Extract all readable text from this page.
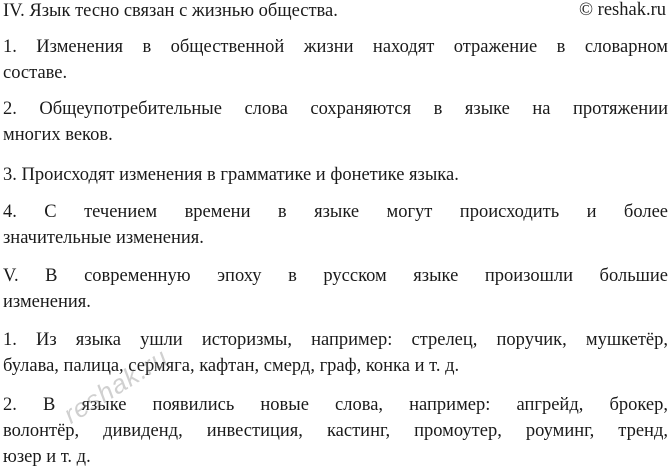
IV. Язык тесно связан с жизнью общества.	© reshak.ru
1. Изменения в общественной жизни находят отражение в словарном
составе.
2. Общеупотребительные слова сохраняются в языке на протяжении
многих веков.
3. Происходят изменения в грамматике и фонетике языка.
4. С течением времени в языке могут происходить и более
значительные изменения.
V. В современную эпоху в русском языке произошли большие
изменения.
1. Из языка ушли историзмы, например: стрелец, поручик, мушкетёр,
булава, палица, сермяга, кафтан, смерд, граф, конка и т. д.
2. В языке появились новые слова, например: апгрейд, брокер,
волонтёр, дивиденд, инвестиция, кастинг, промоутер, роуминг, тренд,
юзер и т. д.
reshak.ru
